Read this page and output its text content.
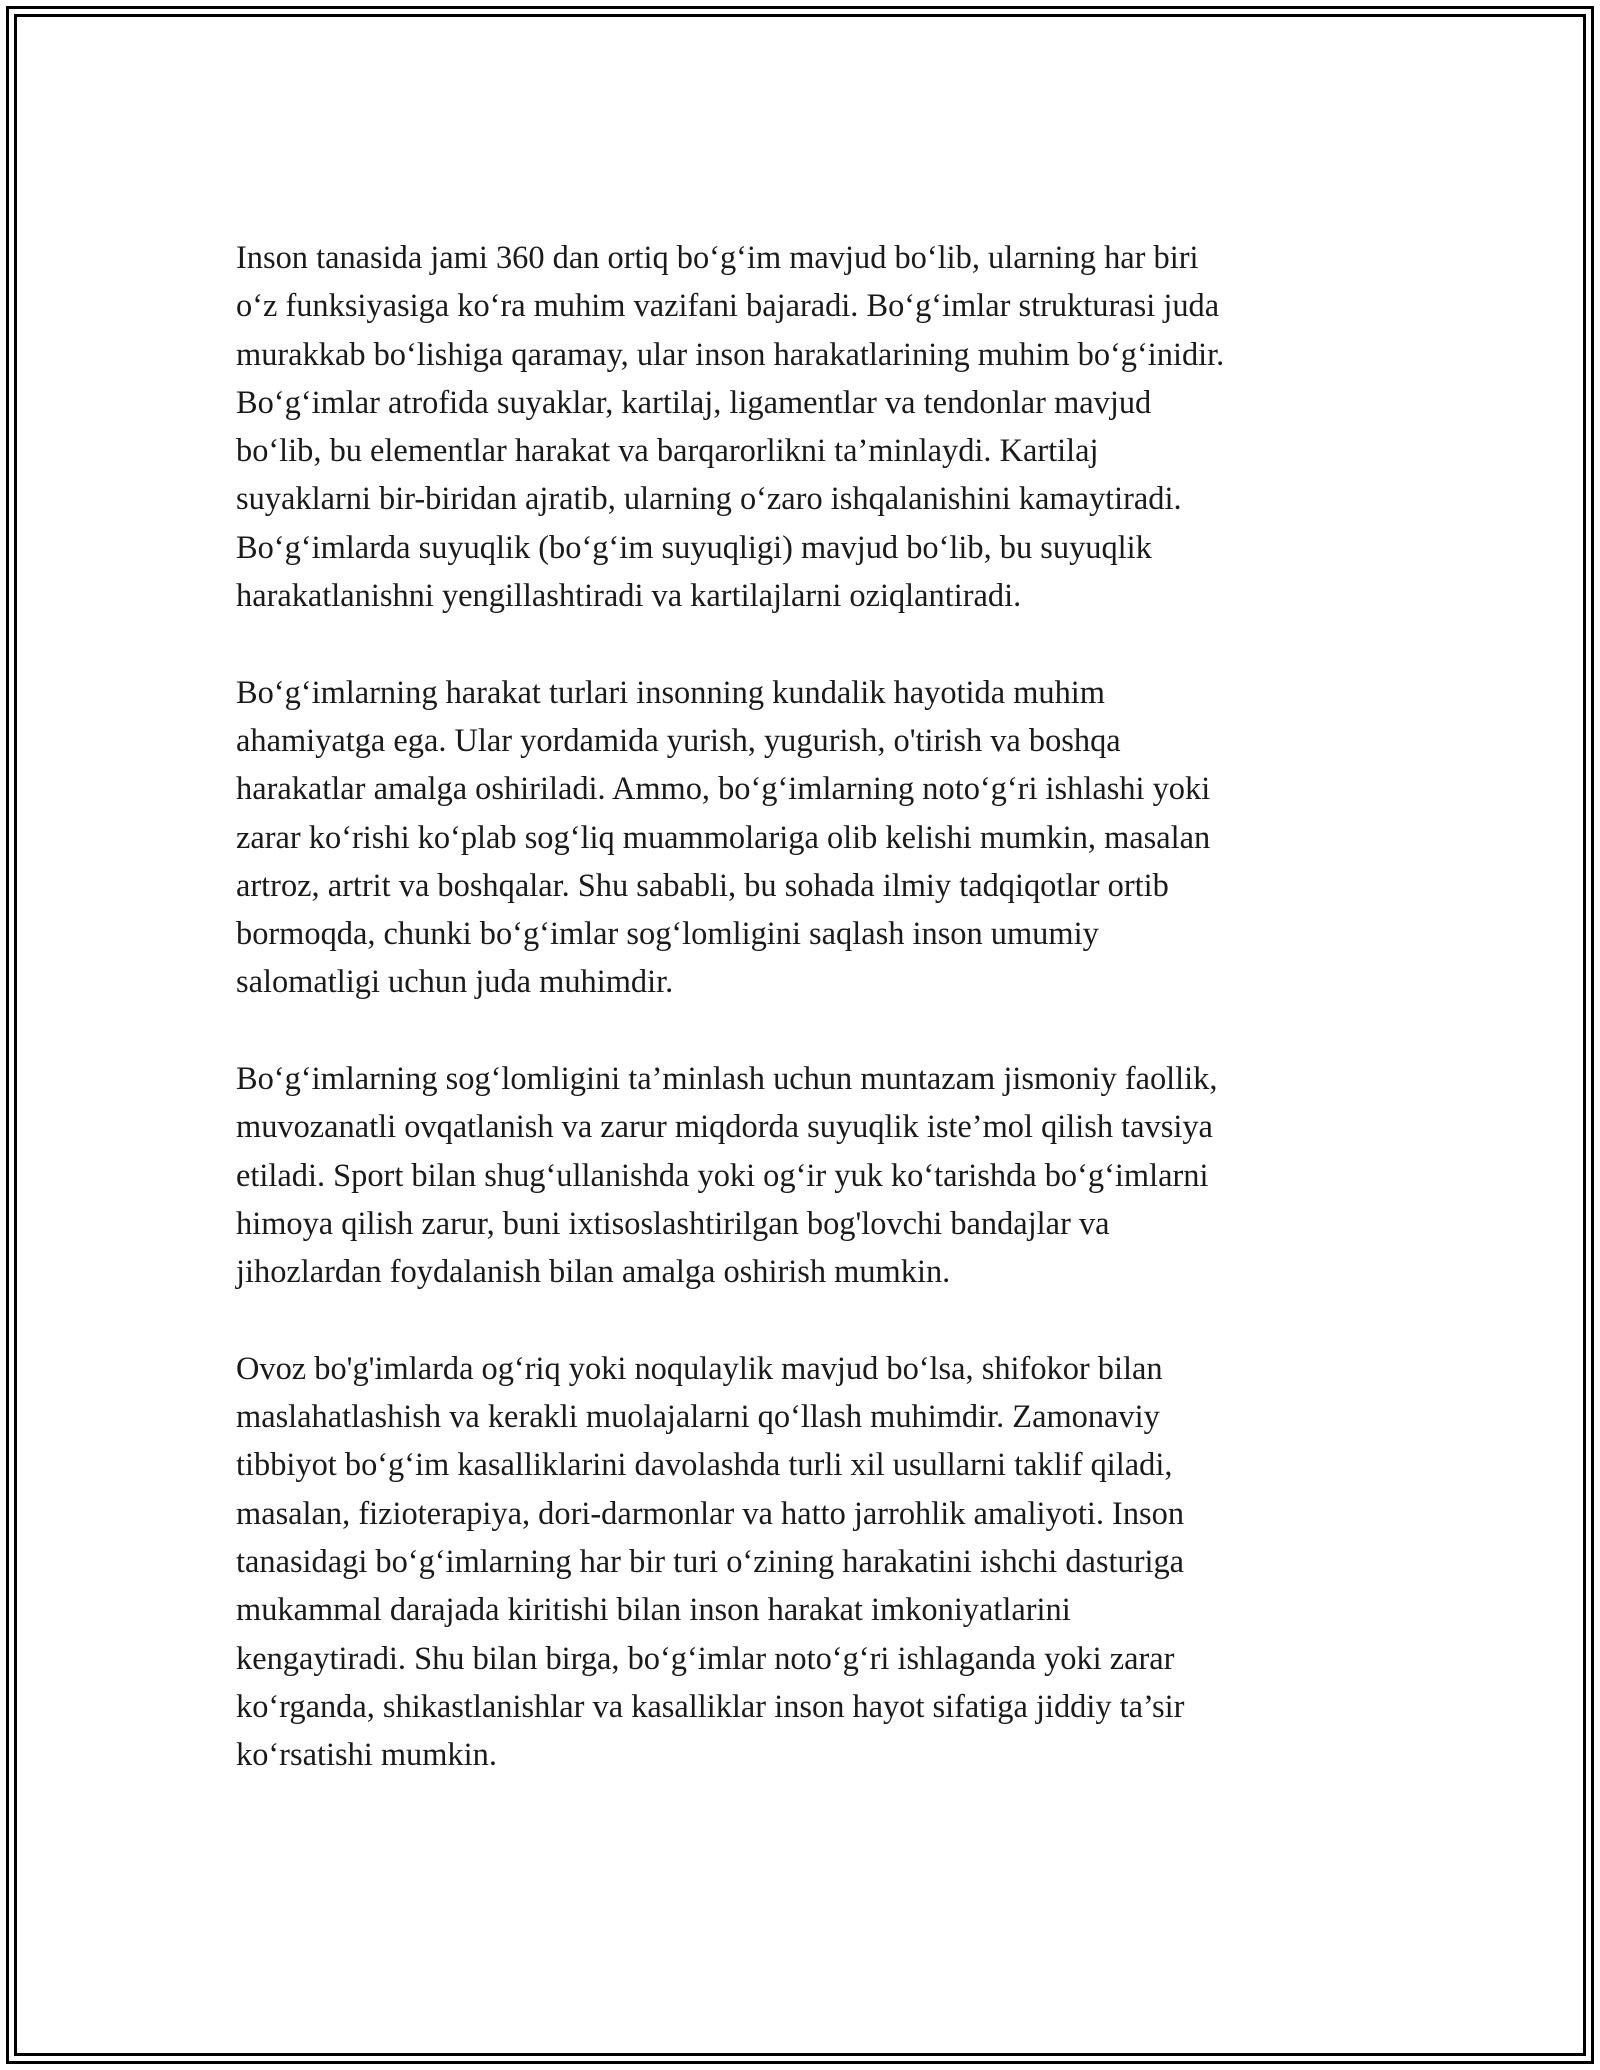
Inson tanasida jami 360 dan ortiq bo‘g‘im mavjud bo‘lib, ularning har biri
o‘z funksiyasiga ko‘ra muhim vazifani bajaradi. Bo‘g‘imlar strukturasi juda
murakkab bo‘lishiga qaramay, ular inson harakatlarining muhim bo‘g‘inidir.
Bo‘g‘imlar atrofida suyaklar, kartilaj, ligamentlar va tendonlar mavjud
bo‘lib, bu elementlar harakat va barqarorlikni ta’minlaydi. Kartilaj
suyaklarni bir-biridan ajratib, ularning o‘zaro ishqalanishini kamaytiradi.
Bo‘g‘imlarda suyuqlik (bo‘g‘im suyuqligi) mavjud bo‘lib, bu suyuqlik
harakatlanishni yengillashtiradi va kartilajlarni oziqlantiradi.

Bo‘g‘imlarning harakat turlari insonning kundalik hayotida muhim
ahamiyatga ega. Ular yordamida yurish, yugurish, o'tirish va boshqa
harakatlar amalga oshiriladi. Ammo, bo‘g‘imlarning noto‘g‘ri ishlashi yoki
zarar ko‘rishi ko‘plab sog‘liq muammolariga olib kelishi mumkin, masalan
artroz, artrit va boshqalar. Shu sababli, bu sohada ilmiy tadqiqotlar ortib
bormoqda, chunki bo‘g‘imlar sog‘lomligini saqlash inson umumiy
salomatligi uchun juda muhimdir.

Bo‘g‘imlarning sog‘lomligini ta’minlash uchun muntazam jismoniy faollik,
muvozanatli ovqatlanish va zarur miqdorda suyuqlik iste’mol qilish tavsiya
etiladi. Sport bilan shug‘ullanishda yoki og‘ir yuk ko‘tarishda bo‘g‘imlarni
himoya qilish zarur, buni ixtisoslashtirilgan bog'lovchi bandajlar va
jihozlardan foydalanish bilan amalga oshirish mumkin.

Ovoz bo'g'imlarda og‘riq yoki noqulaylik mavjud bo‘lsa, shifokor bilan
maslahatlashish va kerakli muolajalarni qo‘llash muhimdir. Zamonaviy
tibbiyot bo‘g‘im kasalliklarini davolashda turli xil usullarni taklif qiladi,
masalan, fizioterapiya, dori-darmonlar va hatto jarrohlik amaliyoti. Inson
tanasidagi bo‘g‘imlarning har bir turi o‘zining harakatini ishchi dasturiga
mukammal darajada kiritishi bilan inson harakat imkoniyatlarini
kengaytiradi. Shu bilan birga, bo‘g‘imlar noto‘g‘ri ishlaganda yoki zarar
ko‘rganda, shikastlanishlar va kasalliklar inson hayot sifatiga jiddiy ta’sir
ko‘rsatishi mumkin.
